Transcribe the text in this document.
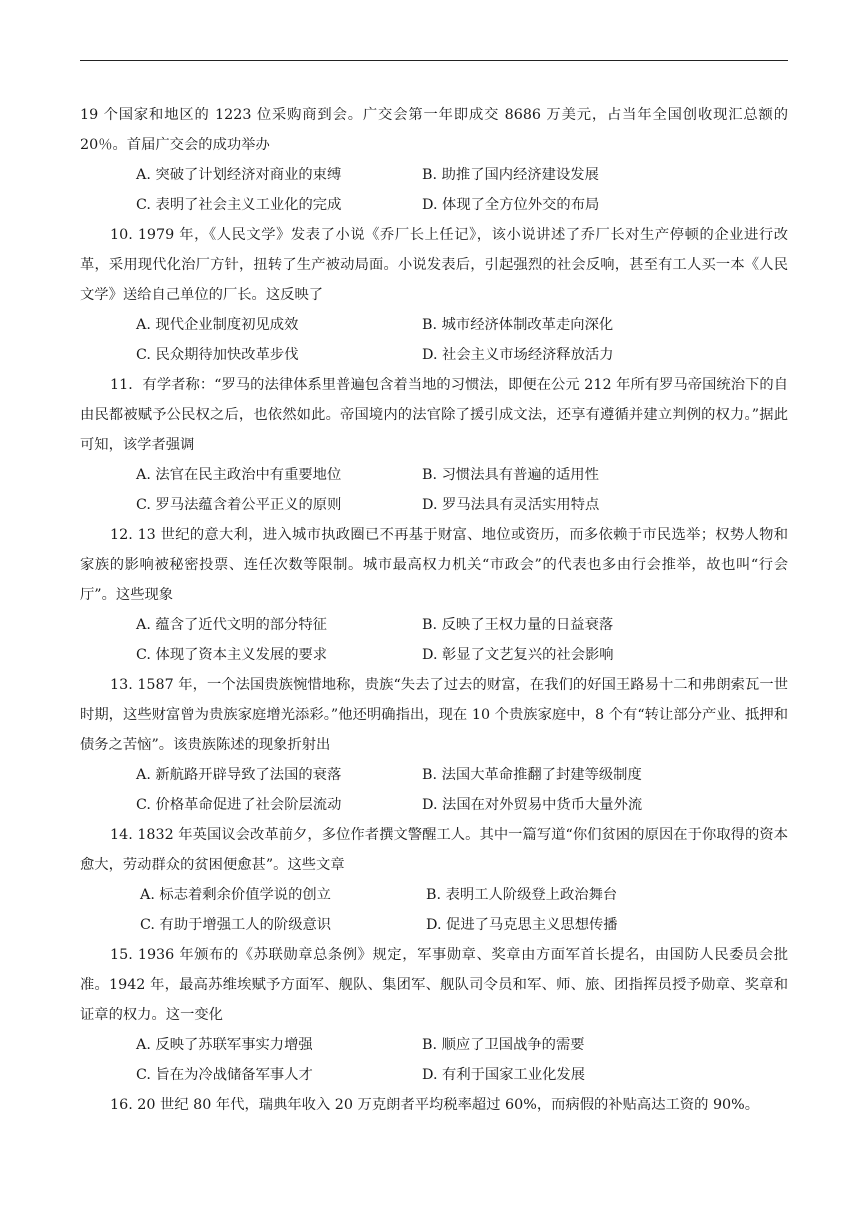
19 个国家和地区的 1223 位采购商到会。广交会第一年即成交 8686 万美元，占当年全国创收现汇总额的 20％。首届广交会的成功举办

A. 突破了计划经济对商业的束缚	B. 助推了国内经济建设发展
C. 表明了社会主义工业化的完成	D. 体现了全方位外交的布局

10. 1979 年，《人民文学》发表了小说《乔厂长上任记》，该小说讲述了乔厂长对生产停顿的企业进行改革，采用现代化治厂方针，扭转了生产被动局面。小说发表后，引起强烈的社会反响，甚至有工人买一本《人民文学》送给自己单位的厂长。这反映了

A. 现代企业制度初见成效	B. 城市经济体制改革走向深化
C. 民众期待加快改革步伐	D. 社会主义市场经济释放活力

11．有学者称：“罗马的法律体系里普遍包含着当地的习惯法，即便在公元 212 年所有罗马帝国统治下的自由民都被赋予公民权之后，也依然如此。帝国境内的法官除了援引成文法，还享有遵循并建立判例的权力。”据此可知，该学者强调

A. 法官在民主政治中有重要地位	B. 习惯法具有普遍的适用性
C. 罗马法蕴含着公平正义的原则	D. 罗马法具有灵活实用特点

12. 13 世纪的意大利，进入城市执政圈已不再基于财富、地位或资历，而多依赖于市民选举；权势人物和家族的影响被秘密投票、连任次数等限制。城市最高权力机关“市政会”的代表也多由行会推举，故也叫“行会厅”。这些现象

A. 蕴含了近代文明的部分特征	B. 反映了王权力量的日益衰落
C. 体现了资本主义发展的要求	D. 彰显了文艺复兴的社会影响

13. 1587 年，一个法国贵族惋惜地称，贵族“失去了过去的财富，在我们的好国王路易十二和弗朗索瓦一世时期，这些财富曾为贵族家庭增光添彩。”他还明确指出，现在 10 个贵族家庭中，8 个有“转让部分产业、抵押和债务之苦恼”。该贵族陈述的现象折射出

A. 新航路开辟导致了法国的衰落	B. 法国大革命推翻了封建等级制度
C. 价格革命促进了社会阶层流动	D. 法国在对外贸易中货币大量外流

14. 1832 年英国议会改革前夕，多位作者撰文警醒工人。其中一篇写道“你们贫困的原因在于你取得的资本愈大，劳动群众的贫困便愈甚”。这些文章

A. 标志着剩余价值学说的创立	B. 表明工人阶级登上政治舞台
C. 有助于增强工人的阶级意识	D. 促进了马克思主义思想传播

15. 1936 年颁布的《苏联勋章总条例》规定，军事勋章、奖章由方面军首长提名，由国防人民委员会批准。1942 年，最高苏维埃赋予方面军、舰队、集团军、舰队司令员和军、师、旅、团指挥员授予勋章、奖章和证章的权力。这一变化

A. 反映了苏联军事实力增强	B. 顺应了卫国战争的需要
C. 旨在为冷战储备军事人才	D. 有利于国家工业化发展

16. 20 世纪 80 年代，瑞典年收入 20 万克朗者平均税率超过 60%，而病假的补贴高达工资的 90%。
